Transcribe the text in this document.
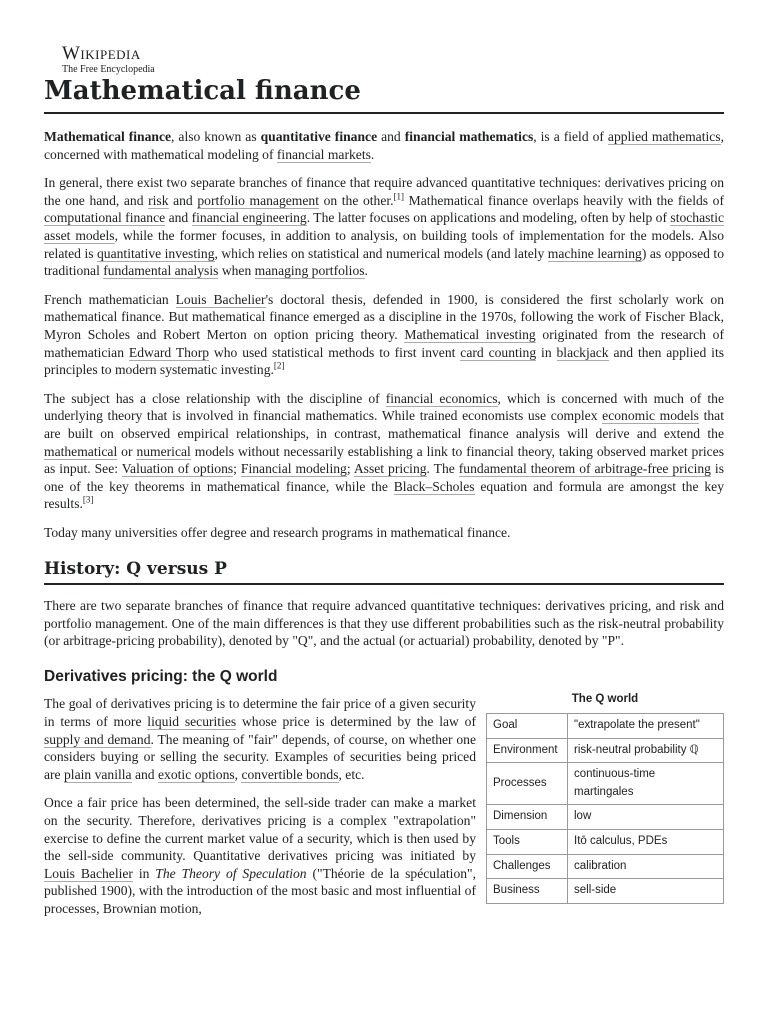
Wikipedia
The Free Encyclopedia
Mathematical finance

Mathematical finance, also known as quantitative finance and financial mathematics, is a field of applied mathematics, concerned with mathematical modeling of financial markets.

In general, there exist two separate branches of finance that require advanced quantitative techniques: derivatives pricing on the one hand, and risk and portfolio management on the other.[1] Mathematical finance overlaps heavily with the fields of computational finance and financial engineering. The latter focuses on applications and modeling, often by help of stochastic asset models, while the former focuses, in addition to analysis, on building tools of implementation for the models. Also related is quantitative investing, which relies on statistical and numerical models (and lately machine learning) as opposed to traditional fundamental analysis when managing portfolios.

French mathematician Louis Bachelier's doctoral thesis, defended in 1900, is considered the first scholarly work on mathematical finance. But mathematical finance emerged as a discipline in the 1970s, following the work of Fischer Black, Myron Scholes and Robert Merton on option pricing theory. Mathematical investing originated from the research of mathematician Edward Thorp who used statistical methods to first invent card counting in blackjack and then applied its principles to modern systematic investing.[2]

The subject has a close relationship with the discipline of financial economics, which is concerned with much of the underlying theory that is involved in financial mathematics. While trained economists use complex economic models that are built on observed empirical relationships, in contrast, mathematical finance analysis will derive and extend the mathematical or numerical models without necessarily establishing a link to financial theory, taking observed market prices as input. See: Valuation of options; Financial modeling; Asset pricing. The fundamental theorem of arbitrage-free pricing is one of the key theorems in mathematical finance, while the Black–Scholes equation and formula are amongst the key results.[3]

Today many universities offer degree and research programs in mathematical finance.

History: Q versus P

There are two separate branches of finance that require advanced quantitative techniques: derivatives pricing, and risk and portfolio management. One of the main differences is that they use different probabilities such as the risk-neutral probability (or arbitrage-pricing probability), denoted by "Q", and the actual (or actuarial) probability, denoted by "P".

Derivatives pricing: the Q world
The Q world
Goal	"extrapolate the present"
Environment	risk-neutral probability ℚ
Processes	continuous-time martingales
Dimension	low
Tools	Itō calculus, PDEs
Challenges	calibration
Business	sell-side

The goal of derivatives pricing is to determine the fair price of a given security in terms of more liquid securities whose price is determined by the law of supply and demand. The meaning of "fair" depends, of course, on whether one considers buying or selling the security. Examples of securities being priced are plain vanilla and exotic options, convertible bonds, etc.

Once a fair price has been determined, the sell-side trader can make a market on the security. Therefore, derivatives pricing is a complex "extrapolation" exercise to define the current market value of a security, which is then used by the sell-side community. Quantitative derivatives pricing was initiated by Louis Bachelier in The Theory of Speculation ("Théorie de la spéculation", published 1900), with the introduction of the most basic and most influential of processes, Brownian motion,
